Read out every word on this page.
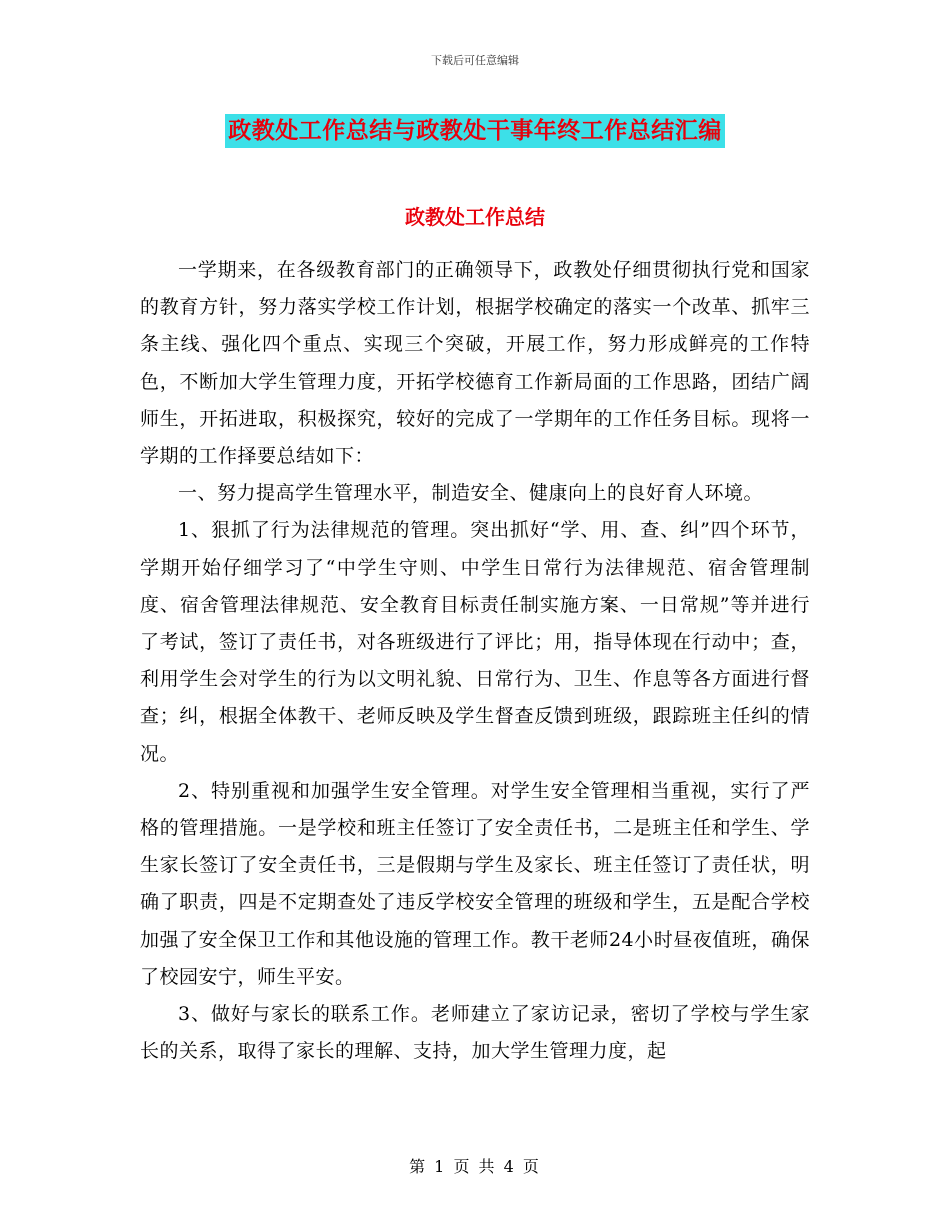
下载后可任意编辑
政教处工作总结与政教处干事年终工作总结汇编
政教处工作总结

一学期来，在各级教育部门的正确领导下，政教处仔细贯彻执行党和国家的教育方针，努力落实学校工作计划，根据学校确定的落实一个改革、抓牢三条主线、强化四个重点、实现三个突破，开展工作，努力形成鲜亮的工作特色，不断加大学生管理力度，开拓学校德育工作新局面的工作思路，团结广阔师生，开拓进取，积极探究，较好的完成了一学期年的工作任务目标。现将一学期的工作择要总结如下：

一、努力提高学生管理水平，制造安全、健康向上的良好育人环境。

1、狠抓了行为法律规范的管理。突出抓好“学、用、查、纠”四个环节，学期开始仔细学习了“中学生守则、中学生日常行为法律规范、宿舍管理制度、宿舍管理法律规范、安全教育目标责任制实施方案、一日常规”等并进行了考试，签订了责任书，对各班级进行了评比；用，指导体现在行动中；查，利用学生会对学生的行为以文明礼貌、日常行为、卫生、作息等各方面进行督查；纠，根据全体教干、老师反映及学生督查反馈到班级，跟踪班主任纠的情况。

2、特别重视和加强学生安全管理。对学生安全管理相当重视，实行了严格的管理措施。一是学校和班主任签订了安全责任书，二是班主任和学生、学生家长签订了安全责任书，三是假期与学生及家长、班主任签订了责任状，明确了职责，四是不定期查处了违反学校安全管理的班级和学生，五是配合学校加强了安全保卫工作和其他设施的管理工作。教干老师24小时昼夜值班，确保了校园安宁，师生平安。

3、做好与家长的联系工作。老师建立了家访记录，密切了学校与学生家长的关系，取得了家长的理解、支持，加大学生管理力度，起

第 1 页 共 4 页
